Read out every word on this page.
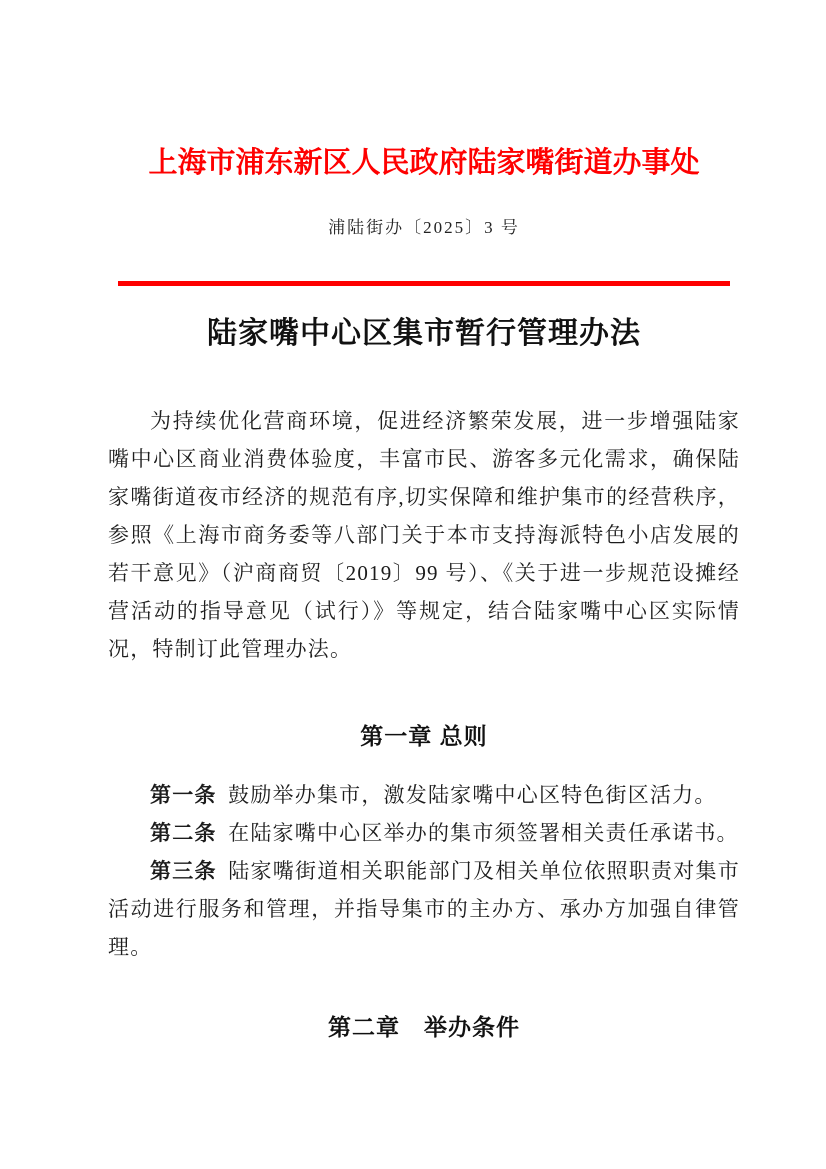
上海市浦东新区人民政府陆家嘴街道办事处
浦陆街办〔2025〕3 号
陆家嘴中心区集市暂行管理办法

为持续优化营商环境，促进经济繁荣发展，进一步增强陆家嘴中心区商业消费体验度，丰富市民、游客多元化需求，确保陆家嘴街道夜市经济的规范有序,切实保障和维护集市的经营秩序，参照《上海市商务委等八部门关于本市支持海派特色小店发展的若干意见》（沪商商贸〔2019〕99 号）、《关于进一步规范设摊经营活动的指导意见（试行）》等规定，结合陆家嘴中心区实际情况，特制订此管理办法。

第一章 总则

第一条 鼓励举办集市，激发陆家嘴中心区特色街区活力。

第二条 在陆家嘴中心区举办的集市须签署相关责任承诺书。

第三条 陆家嘴街道相关职能部门及相关单位依照职责对集市活动进行服务和管理，并指导集市的主办方、承办方加强自律管理。

第二章　举办条件
